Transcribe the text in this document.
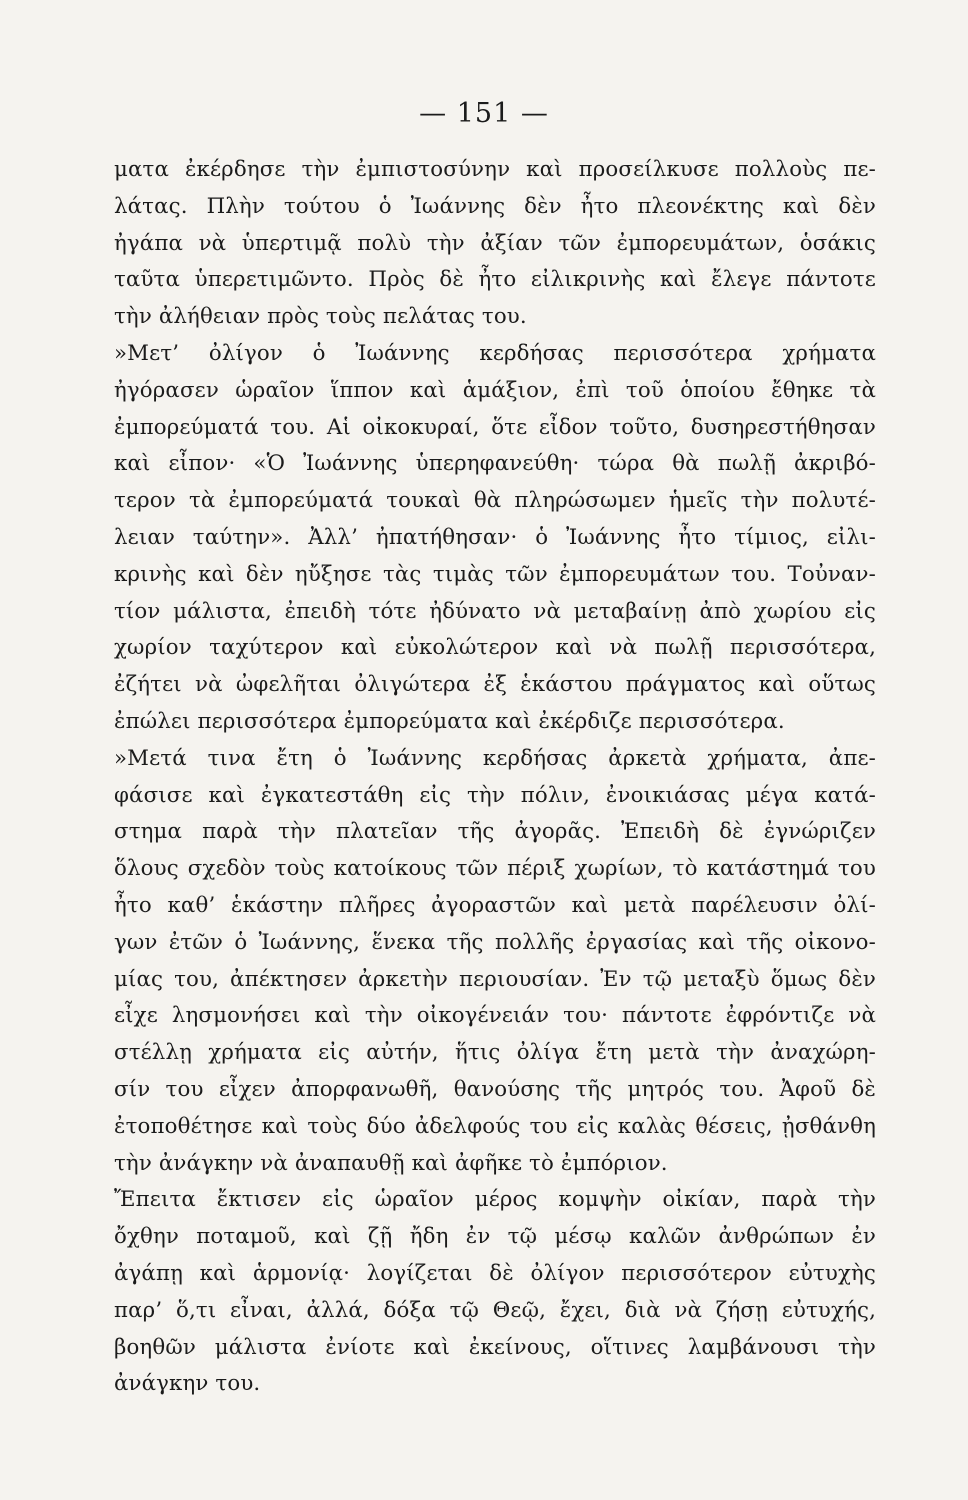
— 151 —
ματα ἐκέρδησε τὴν ἐμπιστοσύνην καὶ προσείλκυσε πολλοὺς πε-
λάτας. Πλὴν τούτου ὁ Ἰωάννης δὲν ἦτο πλεονέκτης καὶ δὲν
ἠγάπα νὰ ὑπερτιμᾷ πολὺ τὴν ἀξίαν τῶν ἐμπορευμάτων, ὁσάκις
ταῦτα ὑπερετιμῶντο. Πρὸς δὲ ἦτο εἰλικρινὴς καὶ ἔλεγε πάντοτε
τὴν ἀλήθειαν πρὸς τοὺς πελάτας του.
»Μετ’ ὀλίγον ὁ Ἰωάννης κερδήσας περισσότερα χρήματα
ἠγόρασεν ὡραῖον ἵππον καὶ ἁμάξιον, ἐπὶ τοῦ ὁποίου ἔθηκε τὰ
ἐμπορεύματά του. Αἱ οἰκοκυραί, ὅτε εἶδον τοῦτο, δυσηρεστήθησαν
καὶ εἶπον· «Ὁ Ἰωάννης ὑπερηφανεύθη· τώρα θὰ πωλῇ ἀκριβό-
τερον τὰ ἐμπορεύματά τουκαὶ θὰ πληρώσωμεν ἡμεῖς τὴν πολυτέ-
λειαν ταύτην». Ἀλλ’ ἠπατήθησαν· ὁ Ἰωάννης ἦτο τίμιος, εἰλι-
κρινὴς καὶ δὲν ηὔξησε τὰς τιμὰς τῶν ἐμπορευμάτων του. Τοὐναν-
τίον μάλιστα, ἐπειδὴ τότε ἠδύνατο νὰ μεταβαίνῃ ἀπὸ χωρίου εἰς
χωρίον ταχύτερον καὶ εὐκολώτερον καὶ νὰ πωλῇ περισσότερα,
ἐζήτει νὰ ὠφελῆται ὀλιγώτερα ἐξ ἑκάστου πράγματος καὶ οὕτως
ἐπώλει περισσότερα ἐμπορεύματα καὶ ἐκέρδιζε περισσότερα.
»Μετά τινα ἔτη ὁ Ἰωάννης κερδήσας ἀρκετὰ χρήματα, ἀπε-
φάσισε καὶ ἐγκατεστάθη εἰς τὴν πόλιν, ἐνοικιάσας μέγα κατά-
στημα παρὰ τὴν πλατεῖαν τῆς ἀγορᾶς. Ἐπειδὴ δὲ ἐγνώριζεν
ὅλους σχεδὸν τοὺς κατοίκους τῶν πέριξ χωρίων, τὸ κατάστημά του
ἦτο καθ’ ἑκάστην πλῆρες ἀγοραστῶν καὶ μετὰ παρέλευσιν ὀλί-
γων ἐτῶν ὁ Ἰωάννης, ἕνεκα τῆς πολλῆς ἐργασίας καὶ τῆς οἰκονο-
μίας του, ἀπέκτησεν ἀρκετὴν περιουσίαν. Ἐν τῷ μεταξὺ ὅμως δὲν
εἶχε λησμονήσει καὶ τὴν οἰκογένειάν του· πάντοτε ἐφρόντιζε νὰ
στέλλῃ χρήματα εἰς αὐτήν, ἥτις ὀλίγα ἔτη μετὰ τὴν ἀναχώρη-
σίν του εἶχεν ἀπορφανωθῆ, θανούσης τῆς μητρός του. Ἀφοῦ δὲ
ἐτοποθέτησε καὶ τοὺς δύο ἀδελφούς του εἰς καλὰς θέσεις, ᾐσθάνθη
τὴν ἀνάγκην νὰ ἀναπαυθῇ καὶ ἀφῆκε τὸ ἐμπόριον.
Ἔπειτα ἔκτισεν εἰς ὡραῖον μέρος κομψὴν οἰκίαν, παρὰ τὴν
ὄχθην ποταμοῦ, καὶ ζῇ ἤδη ἐν τῷ μέσῳ καλῶν ἀνθρώπων ἐν
ἀγάπῃ καὶ ἁρμονίᾳ· λογίζεται δὲ ὀλίγον περισσότερον εὐτυχὴς
παρ’ ὅ,τι εἶναι, ἀλλά, δόξα τῷ Θεῷ, ἔχει, διὰ νὰ ζήσῃ εὐτυχής,
βοηθῶν μάλιστα ἐνίοτε καὶ ἐκείνους, οἵτινες λαμβάνουσι τὴν
ἀνάγκην του.
